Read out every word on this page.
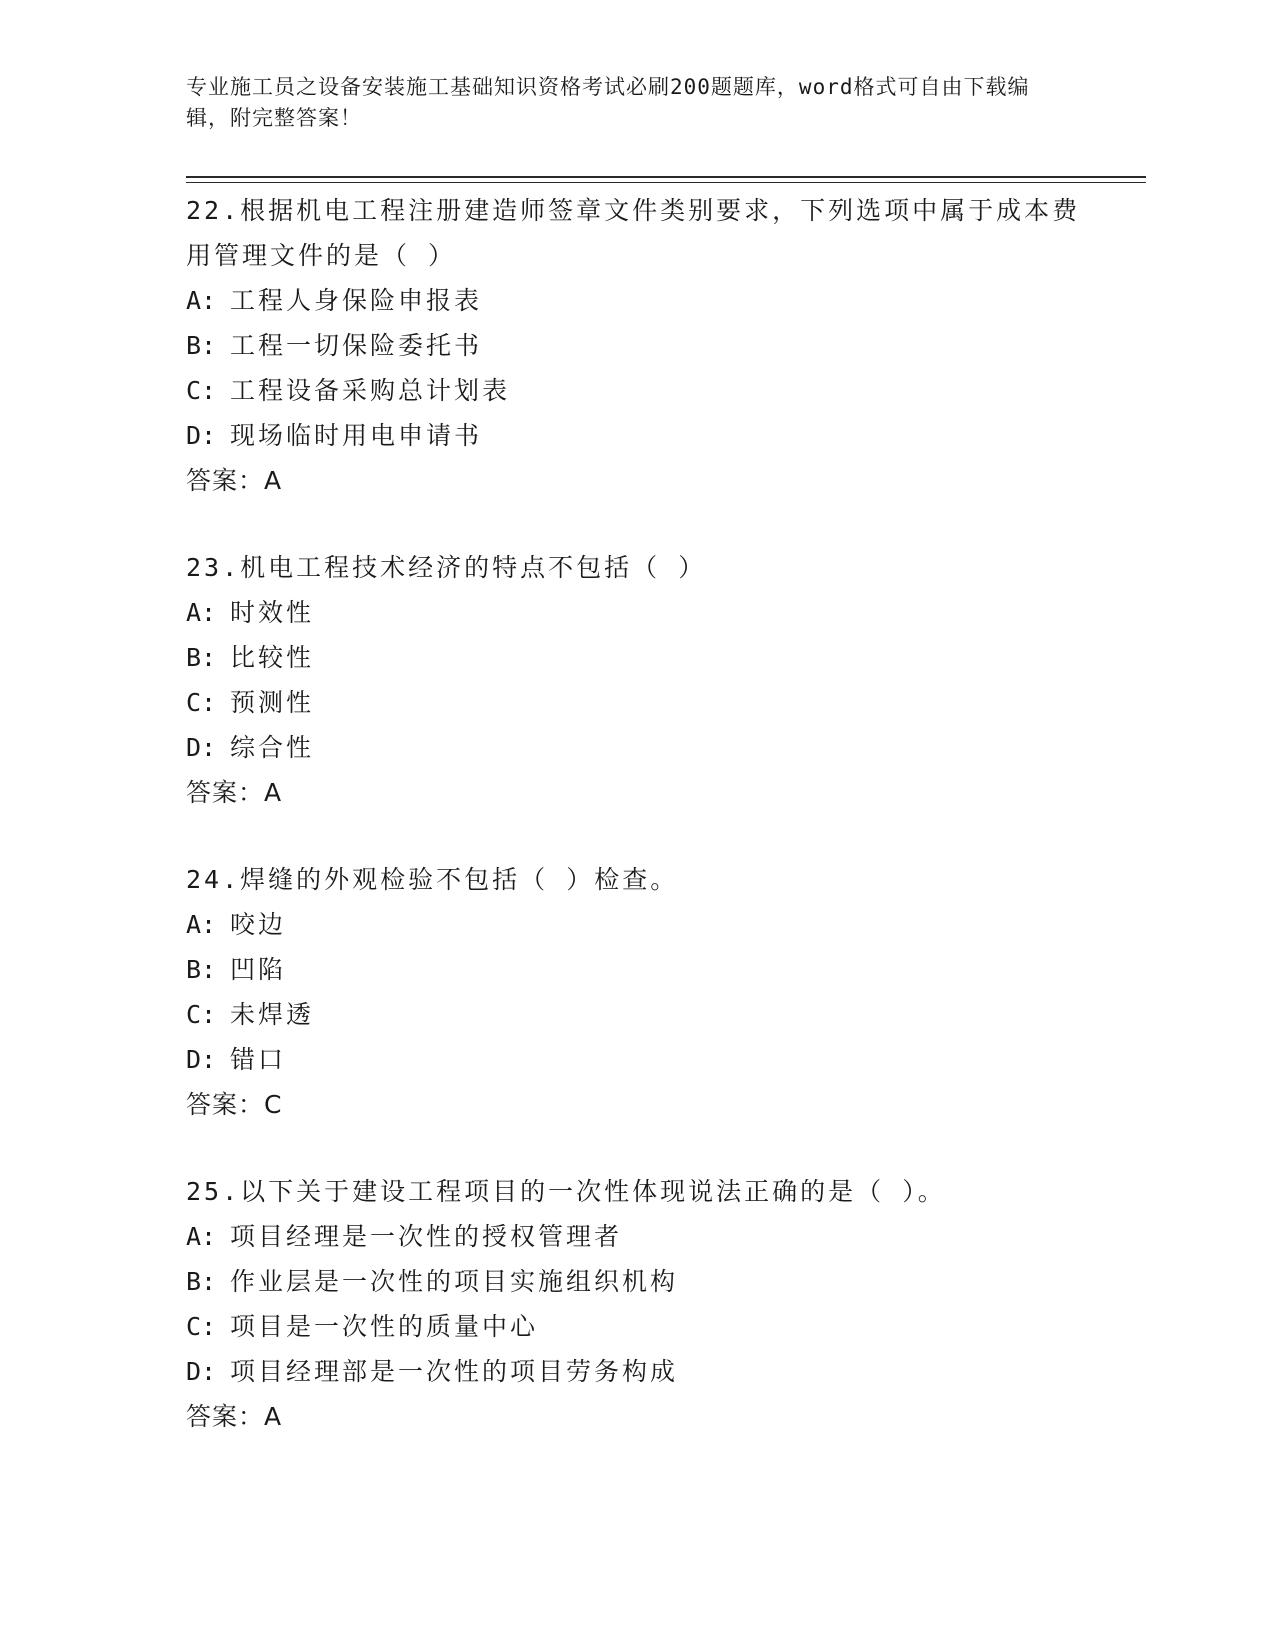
专业施工员之设备安装施工基础知识资格考试必刷200题题库，word格式可自由下载编辑，附完整答案！

22.根据机电工程注册建造师签章文件类别要求，下列选项中属于成本费用管理文件的是（ ）

A: 工程人身保险申报表

B: 工程一切保险委托书

C: 工程设备采购总计划表

D: 现场临时用电申请书

答案：A

23.机电工程技术经济的特点不包括（ ）

A: 时效性

B: 比较性

C: 预测性

D: 综合性

答案：A

24.焊缝的外观检验不包括（ ）检查。

A: 咬边

B: 凹陷

C: 未焊透

D: 错口

答案：C

25.以下关于建设工程项目的一次性体现说法正确的是（ ）。

A: 项目经理是一次性的授权管理者

B: 作业层是一次性的项目实施组织机构

C: 项目是一次性的质量中心

D: 项目经理部是一次性的项目劳务构成

答案：A
